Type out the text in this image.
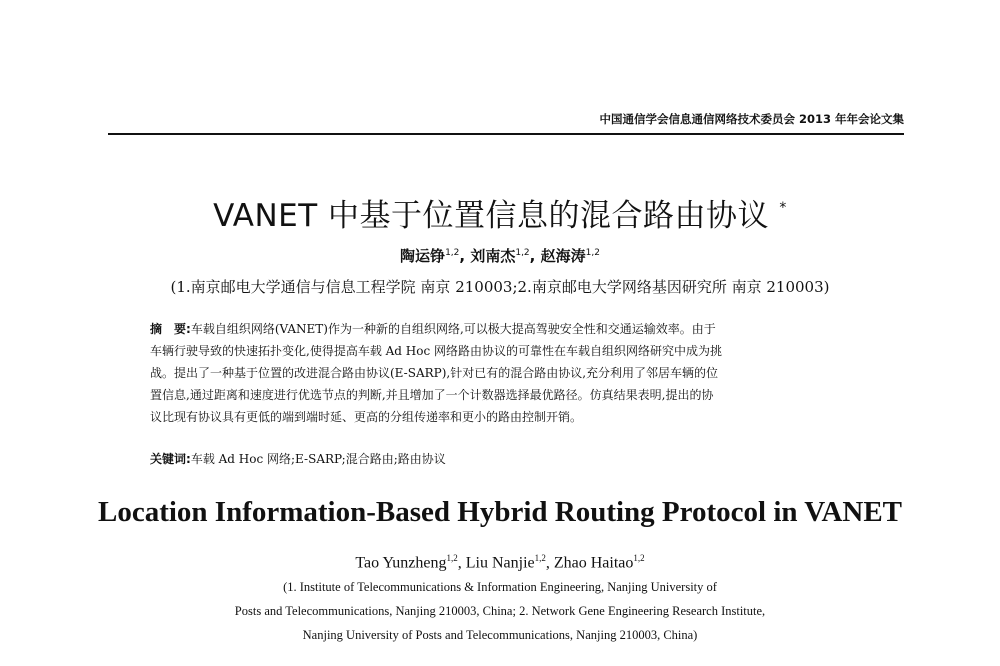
中国通信学会信息通信网络技术委员会 2013 年年会论文集
VANET 中基于位置信息的混合路由协议 *
陶运铮$^{1,2}$, 刘南杰$^{1,2}$, 赵海涛$^{1,2}$
(1.南京邮电大学通信与信息工程学院 南京 210003;2.南京邮电大学网络基因研究所 南京 210003)
摘　要:车载自组织网络(VANET)作为一种新的自组织网络,可以极大提高驾驶安全性和交通运输效率。由于
车辆行驶导致的快速拓扑变化,使得提高车载 Ad Hoc 网络路由协议的可靠性在车载自组织网络研究中成为挑
战。提出了一种基于位置的改进混合路由协议(E-SARP),针对已有的混合路由协议,充分利用了邻居车辆的位
置信息,通过距离和速度进行优选节点的判断,并且增加了一个计数器选择最优路径。仿真结果表明,提出的协
议比现有协议具有更低的端到端时延、更高的分组传递率和更小的路由控制开销。
关键词:车载 Ad Hoc 网络;E-SARP;混合路由;路由协议
Location Information-Based Hybrid Routing Protocol in VANET
Tao Yunzheng$^{1,2}$, Liu Nanjie$^{1,2}$, Zhao Haitao$^{1,2}$
(1. Institute of Telecommunications & Information Engineering, Nanjing University of
Posts and Telecommunications, Nanjing 210003, China; 2. Network Gene Engineering Research Institute,
Nanjing University of Posts and Telecommunications, Nanjing 210003, China)
